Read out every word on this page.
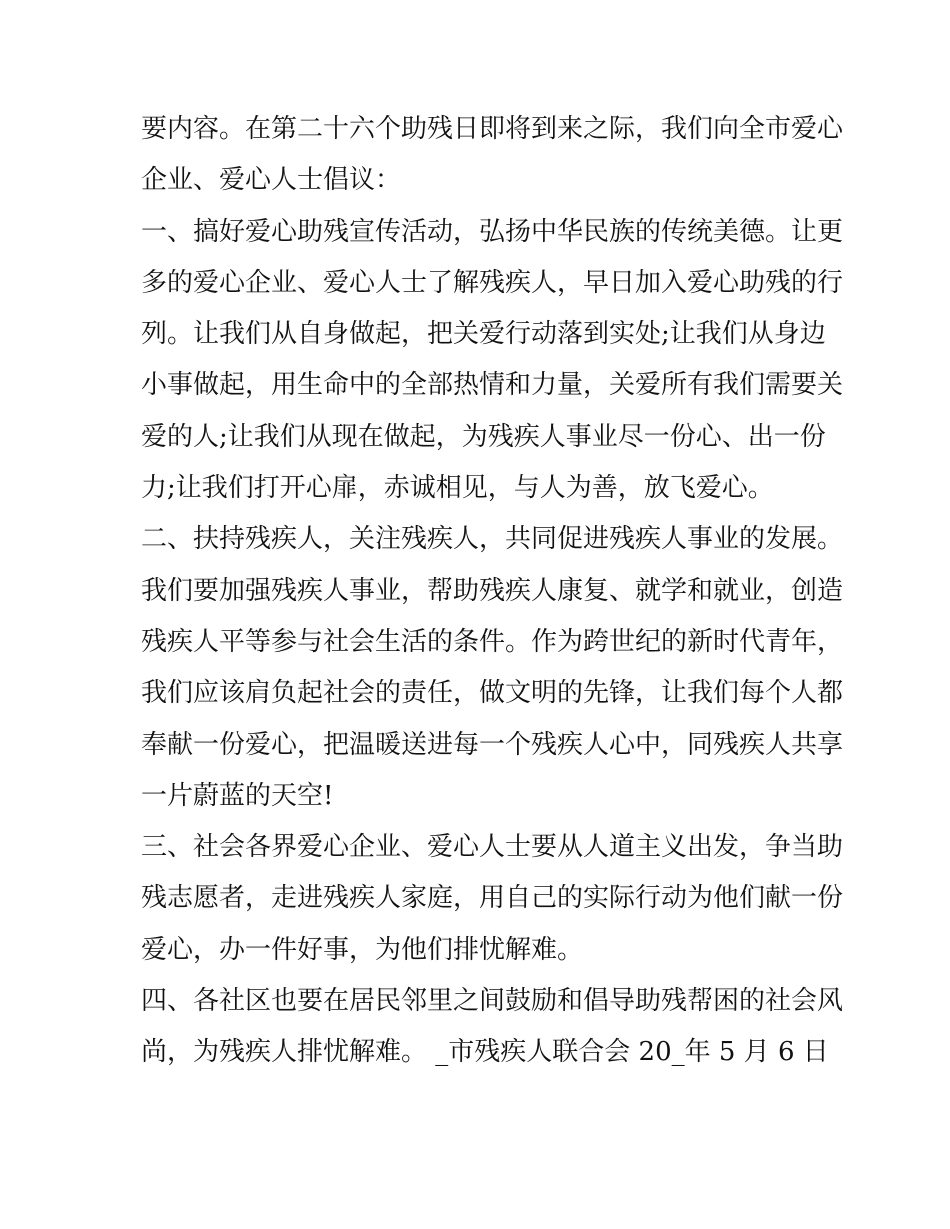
要内容。在第二十六个助残日即将到来之际，我们向全市爱心
企业、爱心人士倡议：
一、搞好爱心助残宣传活动，弘扬中华民族的传统美德。让更
多的爱心企业、爱心人士了解残疾人，早日加入爱心助残的行
列。让我们从自身做起，把关爱行动落到实处;让我们从身边
小事做起，用生命中的全部热情和力量，关爱所有我们需要关
爱的人;让我们从现在做起，为残疾人事业尽一份心、出一份
力;让我们打开心扉，赤诚相见，与人为善，放飞爱心。
二、扶持残疾人，关注残疾人，共同促进残疾人事业的发展。
我们要加强残疾人事业，帮助残疾人康复、就学和就业，创造
残疾人平等参与社会生活的条件。作为跨世纪的新时代青年，
我们应该肩负起社会的责任，做文明的先锋，让我们每个人都
奉献一份爱心，把温暖送进每一个残疾人心中，同残疾人共享
一片蔚蓝的天空!
三、社会各界爱心企业、爱心人士要从人道主义出发，争当助
残志愿者，走进残疾人家庭，用自己的实际行动为他们献一份
爱心，办一件好事，为他们排忧解难。
四、各社区也要在居民邻里之间鼓励和倡导助残帮困的社会风
尚，为残疾人排忧解难。 _市残疾人联合会 20_年 5 月 6 日
